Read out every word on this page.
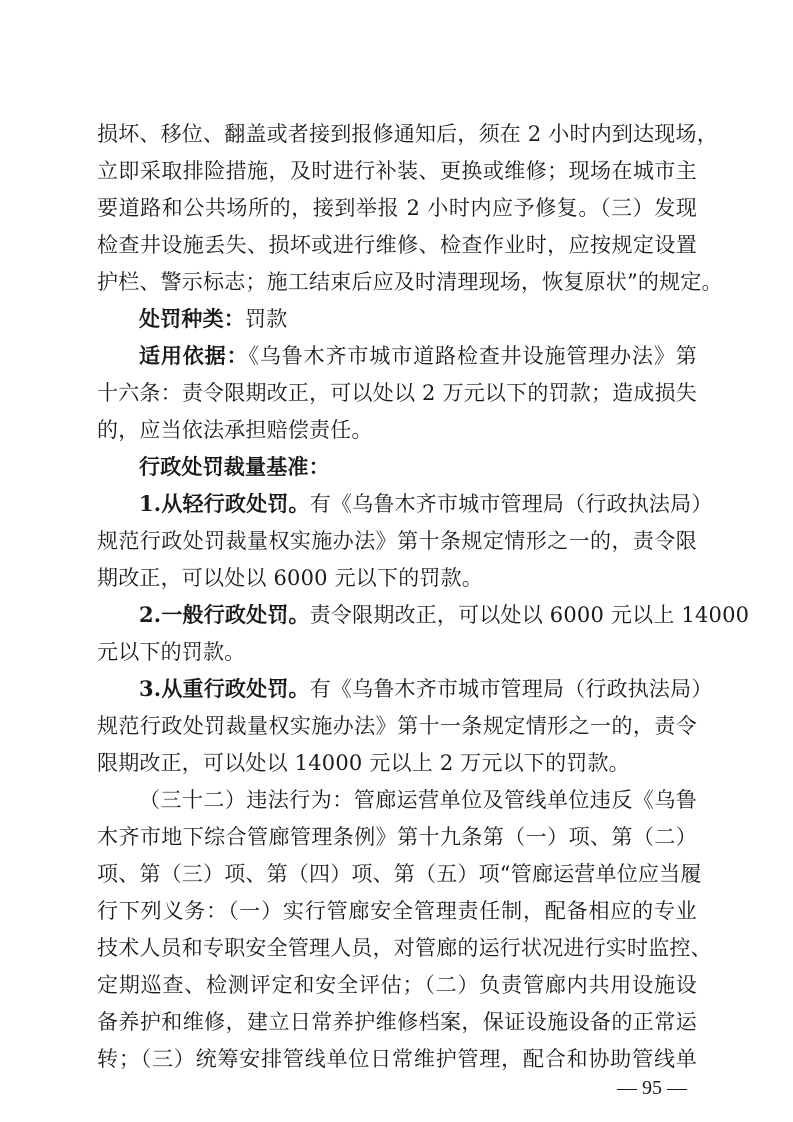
损坏、移位、翻盖或者接到报修通知后，须在 2 小时内到达现场，
立即采取排险措施，及时进行补装、更换或维修；现场在城市主
要道路和公共场所的，接到举报 2 小时内应予修复。（三）发现
检查井设施丢失、损坏或进行维修、检查作业时，应按规定设置
护栏、警示标志；施工结束后应及时清理现场，恢复原状”的规定。
处罚种类：罚款
适用依据：《乌鲁木齐市城市道路检查井设施管理办法》第
十六条：责令限期改正，可以处以 2 万元以下的罚款；造成损失
的，应当依法承担赔偿责任。
行政处罚裁量基准：
1.从轻行政处罚。有《乌鲁木齐市城市管理局（行政执法局）
规范行政处罚裁量权实施办法》第十条规定情形之一的，责令限
期改正，可以处以 6000 元以下的罚款。
2.一般行政处罚。责令限期改正，可以处以 6000 元以上 14000
元以下的罚款。
3.从重行政处罚。有《乌鲁木齐市城市管理局（行政执法局）
规范行政处罚裁量权实施办法》第十一条规定情形之一的，责令
限期改正，可以处以 14000 元以上 2 万元以下的罚款。
（三十二）违法行为：管廊运营单位及管线单位违反《乌鲁
木齐市地下综合管廊管理条例》第十九条第（一）项、第（二）
项、第（三）项、第（四）项、第（五）项“管廊运营单位应当履
行下列义务：（一）实行管廊安全管理责任制，配备相应的专业
技术人员和专职安全管理人员，对管廊的运行状况进行实时监控、
定期巡查、检测评定和安全评估；（二）负责管廊内共用设施设
备养护和维修，建立日常养护维修档案，保证设施设备的正常运
转；（三）统筹安排管线单位日常维护管理，配合和协助管线单
— 95 —
